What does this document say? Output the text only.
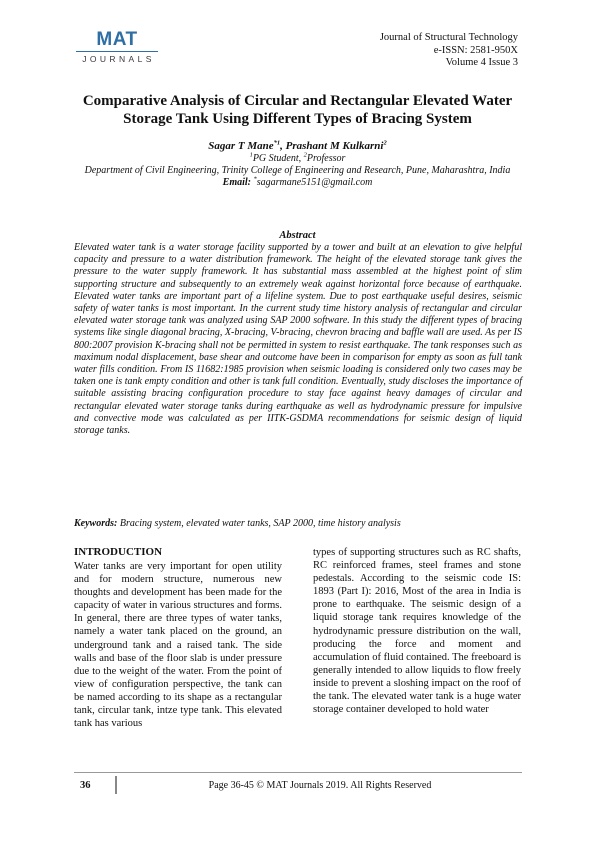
MAT
JOURNALS
Journal of Structural Technology
e-ISSN: 2581-950X
Volume 4 Issue 3
Comparative Analysis of Circular and Rectangular Elevated Water Storage Tank Using Different Types of Bracing System
Sagar T Mane$^{*1}$, Prashant M Kulkarni$^2$
$^1$PG Student, $^2$Professor
Department of Civil Engineering, Trinity College of Engineering and Research, Pune, Maharashtra, India
Email: *sagarmane5151@gmail.com
Abstract

Elevated water tank is a water storage facility supported by a tower and built at an elevation to give helpful capacity and pressure to a water distribution framework. The height of the elevated storage tank gives the pressure to the water supply framework. It has substantial mass assembled at the highest point of slim supporting structure and subsequently to an extremely weak against horizontal force because of earthquake. Elevated water tanks are important part of a lifeline system. Due to post earthquake useful desires, seismic safety of water tanks is most important. In the current study time history analysis of rectangular and circular elevated water storage tank was analyzed using SAP 2000 software. In this study the different types of bracing systems like single diagonal bracing, X-bracing, V-bracing, chevron bracing and baffle wall are used. As per IS 800:2007 provision K-bracing shall not be permitted in system to resist earthquake. The tank responses such as maximum nodal displacement, base shear and outcome have been in comparison for empty as soon as full tank water fills condition. From IS 11682:1985 provision when seismic loading is considered only two cases may be taken one is tank empty condition and other is tank full condition. Eventually, study discloses the importance of suitable assisting bracing configuration procedure to stay face against heavy damages of circular and rectangular elevated water storage tanks during earthquake as well as hydrodynamic pressure for impulsive and convective mode was calculated as per IITK-GSDMA recommendations for seismic design of liquid storage tanks.

Keywords: Bracing system, elevated water tanks, SAP 2000, time history analysis
INTRODUCTION
Water tanks are very important for open utility and for modern structure, numerous new thoughts and development has been made for the capacity of water in various structures and forms. In general, there are three types of water tanks, namely a water tank placed on the ground, an underground tank and a raised tank. The side walls and base of the floor slab is under pressure due to the weight of the water. From the point of view of configuration perspective, the tank can be named according to its shape as a rectangular tank, circular tank, intze type tank. This elevated tank has various
types of supporting structures such as RC shafts, RC reinforced frames, steel frames and stone pedestals. According to the seismic code IS: 1893 (Part I): 2016, Most of the area in India is prone to earthquake. The seismic design of a liquid storage tank requires knowledge of the hydrodynamic pressure distribution on the wall, producing the force and moment and accumulation of fluid contained. The freeboard is generally intended to allow liquids to flow freely inside to prevent a sloshing impact on the roof of the tank. The elevated water tank is a huge water storage container developed to hold water
36	Page 36-45 © MAT Journals 2019. All Rights Reserved
